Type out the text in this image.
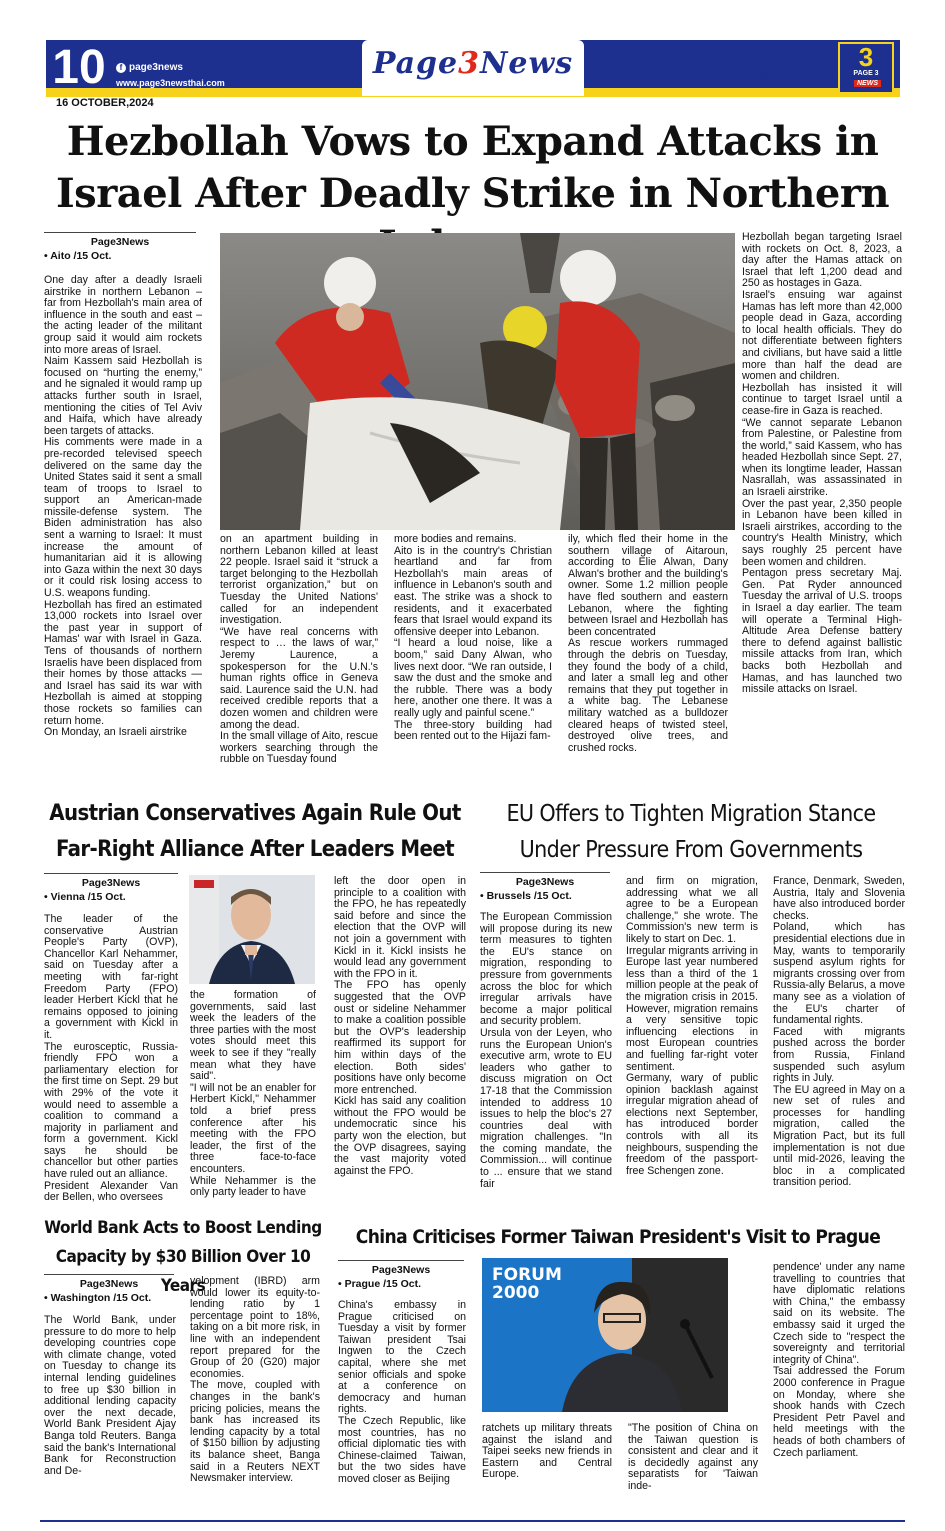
10	f page3news
www.page3newsthai.com
16 OCTOBER,2024
Page3News	WORLD
3
PAGE 3
NEWS
Hezbollah Vows to Expand Attacks in Israel After Deadly Strike in Northern
Page3News
• Aito /15 Oct.
One day after a deadly Israeli airstrike in northern Lebanon – far from Hezbollah's main area of influence in the south and east – the acting leader of the militant group said it would aim rockets into more areas of Israel.
Naim Kassem said Hezbollah is focused on “hurting the enemy,” and he signaled it would ramp up attacks further south in Israel, mentioning the cities of Tel Aviv and Haifa, which have already been targets of attacks.
His comments were made in a pre-recorded televised speech delivered on the same day the United States said it sent a small team of troops to Israel to support an American-made missile-defense system. The Biden administration has also sent a warning to Israel: It must increase the amount of humanitarian aid it is allowing into Gaza within the next 30 days or it could risk losing access to U.S. weapons funding.
Hezbollah has fired an estimated 13,000 rockets into Israel over the past year in support of Hamas' war with Israel in Gaza. Tens of thousands of northern Israelis have been displaced from their homes by those attacks — and Israel has said its war with Hezbollah is aimed at stopping those rockets so families can return home.
On Monday, an Israeli airstrike
on an apartment building in northern Lebanon killed at least 22 people. Israel said it “struck a target belonging to the Hezbollah terrorist organization,” but on Tuesday the United Nations' called for an independent investigation.
“We have real concerns with respect to … the laws of war,” Jeremy Laurence, a spokesperson for the U.N.'s human rights office in Geneva said. Laurence said the U.N. had received credible reports that a dozen women and children were among the dead.
In the small village of Aito, rescue workers searching through the rubble on Tuesday found
more bodies and remains.
Aito is in the country's Christian heartland and far from Hezbollah's main areas of influence in Lebanon's south and east. The strike was a shock to residents, and it exacerbated fears that Israel would expand its offensive deeper into Lebanon.
“I heard a loud noise, like a boom,” said Dany Alwan, who lives next door. “We ran outside, I saw the dust and the smoke and the rubble. There was a body here, another one there. It was a really ugly and painful scene.”
The three-story building had been rented out to the Hijazi fam-
ily, which fled their home in the southern village of Aitaroun, according to Elie Alwan, Dany Alwan's brother and the building's owner. Some 1.2 million people have fled southern and eastern Lebanon, where the fighting between Israel and Hezbollah has been concentrated
As rescue workers rummaged through the debris on Tuesday, they found the body of a child, and later a small leg and other remains that they put together in a white bag. The Lebanese military watched as a bulldozer cleared heaps of twisted steel, destroyed olive trees, and crushed rocks.
Hezbollah began targeting Israel with rockets on Oct. 8, 2023, a day after the Hamas attack on Israel that left 1,200 dead and 250 as hostages in Gaza.
Israel's ensuing war against Hamas has left more than 42,000 people dead in Gaza, according to local health officials. They do not differentiate between fighters and civilians, but have said a little more than half the dead are women and children.
Hezbollah has insisted it will continue to target Israel until a cease-fire in Gaza is reached.
“We cannot separate Lebanon from Palestine, or Palestine from the world,” said Kassem, who has headed Hezbollah since Sept. 27, when its longtime leader, Hassan Nasrallah, was assassinated in an Israeli airstrike.
Over the past year, 2,350 people in Lebanon have been killed in Israeli airstrikes, according to the country's Health Ministry, which says roughly 25 percent have been women and children.
Pentagon press secretary Maj. Gen. Pat Ryder announced Tuesday the arrival of U.S. troops in Israel a day earlier. The team will operate a Terminal High-Altitude Area Defense battery there to defend against ballistic missile attacks from Iran, which backs both Hezbollah and Hamas, and has launched two missile attacks on Israel.
Austrian Conservatives Again Rule Out Far-Right Alliance After Leaders Meet
Page3News
• Vienna /15 Oct.
The leader of the conservative Austrian People's Party (OVP), Chancellor Karl Nehammer, said on Tuesday after a meeting with far-right Freedom Party (FPO) leader Herbert Kickl that he remains opposed to joining a government with Kickl in it.
The eurosceptic, Russia-friendly FPO won a parliamentary election for the first time on Sept. 29 but with 29% of the vote it would need to assemble a coalition to command a majority in parliament and form a government. Kickl says he should be chancellor but other parties have ruled out an alliance.
President Alexander Van der Bellen, who oversees
the formation of governments, said last week the leaders of the three parties with the most votes should meet this week to see if they "really mean what they have said".
"I will not be an enabler for Herbert Kickl," Nehammer told a brief press conference after his meeting with the FPO leader, the first of the three face-to-face encounters.
While Nehammer is the only party leader to have
left the door open in principle to a coalition with the FPO, he has repeatedly said before and since the election that the OVP will not join a government with Kickl in it. Kickl insists he would lead any government with the FPO in it.
The FPO has openly suggested that the OVP oust or sideline Nehammer to make a coalition possible but the OVP's leadership reaffirmed its support for him within days of the election. Both sides' positions have only become more entrenched.
Kickl has said any coalition without the FPO would be undemocratic since his party won the election, but the OVP disagrees, saying the vast majority voted against the FPO.
EU Offers to Tighten Migration Stance Under Pressure From Governments
Page3News
• Brussels /15 Oct.
The European Commission will propose during its new term measures to tighten the EU's stance on migration, responding to pressure from governments across the bloc for which irregular arrivals have become a major political and security problem.
Ursula von der Leyen, who runs the European Union's executive arm, wrote to EU leaders who gather to discuss migration on Oct 17-18 that the Commission intended to address 10 issues to help the bloc's 27 countries deal with migration challenges. "In the coming mandate, the Commission... will continue to ... ensure that we stand fair
and firm on migration, addressing what we all agree to be a European challenge," she wrote. The Commission's new term is likely to start on Dec. 1.
Irregular migrants arriving in Europe last year numbered less than a third of the 1 million people at the peak of the migration crisis in 2015. However, migration remains a very sensitive topic influencing elections in most European countries and fuelling far-right voter sentiment.
Germany, wary of public opinion backlash against irregular migration ahead of elections next September, has introduced border controls with all its neighbours, suspending the freedom of the passport-free Schengen zone.
France, Denmark, Sweden, Austria, Italy and Slovenia have also introduced border checks.
Poland, which has presidential elections due in May, wants to temporarily suspend asylum rights for migrants crossing over from Russia-ally Belarus, a move many see as a violation of the EU's charter of fundamental rights.
Faced with migrants pushed across the border from Russia, Finland suspended such asylum rights in July.
The EU agreed in May on a new set of rules and processes for handling migration, called the Migration Pact, but its full implementation is not due until mid-2026, leaving the bloc in a complicated transition period.
World Bank Acts to Boost Lending Capacity by $30 Billion Over 10 Years
Page3News
• Washington /15 Oct.
The World Bank, under pressure to do more to help developing countries cope with climate change, voted on Tuesday to change its internal lending guidelines to free up $30 billion in additional lending capacity over the next decade, World Bank President Ajay Banga told Reuters. Banga said the bank's International Bank for Reconstruction and De-
velopment (IBRD) arm would lower its equity-to-lending ratio by 1 percentage point to 18%, taking on a bit more risk, in line with an independent report prepared for the Group of 20 (G20) major economies.
The move, coupled with changes in the bank's pricing policies, means the bank has increased its lending capacity by a total of $150 billion by adjusting its balance sheet, Banga said in a Reuters NEXT Newsmaker interview.
China Criticises Former Taiwan President's Visit to Prague
Page3News
• Prague /15 Oct.
China's embassy in Prague criticised on Tuesday a visit by former Taiwan president Tsai Ingwen to the Czech capital, where she met senior officials and spoke at a conference on democracy and human rights.
The Czech Republic, like most countries, has no official diplomatic ties with Chinese-claimed Taiwan, but the two sides have moved closer as Beijing
FORUM
2000
ratchets up military threats against the island and Taipei seeks new friends in Eastern and Central Europe.
"The position of China on the Taiwan question is consistent and clear and it is decidedly against any separatists for 'Taiwan inde-
pendence' under any name travelling to countries that have diplomatic relations with China," the embassy said on its website. The embassy said it urged the Czech side to "respect the sovereignty and territorial integrity of China".
Tsai addressed the Forum 2000 conference in Prague on Monday, where she shook hands with Czech President Petr Pavel and held meetings with the heads of both chambers of Czech parliament.
